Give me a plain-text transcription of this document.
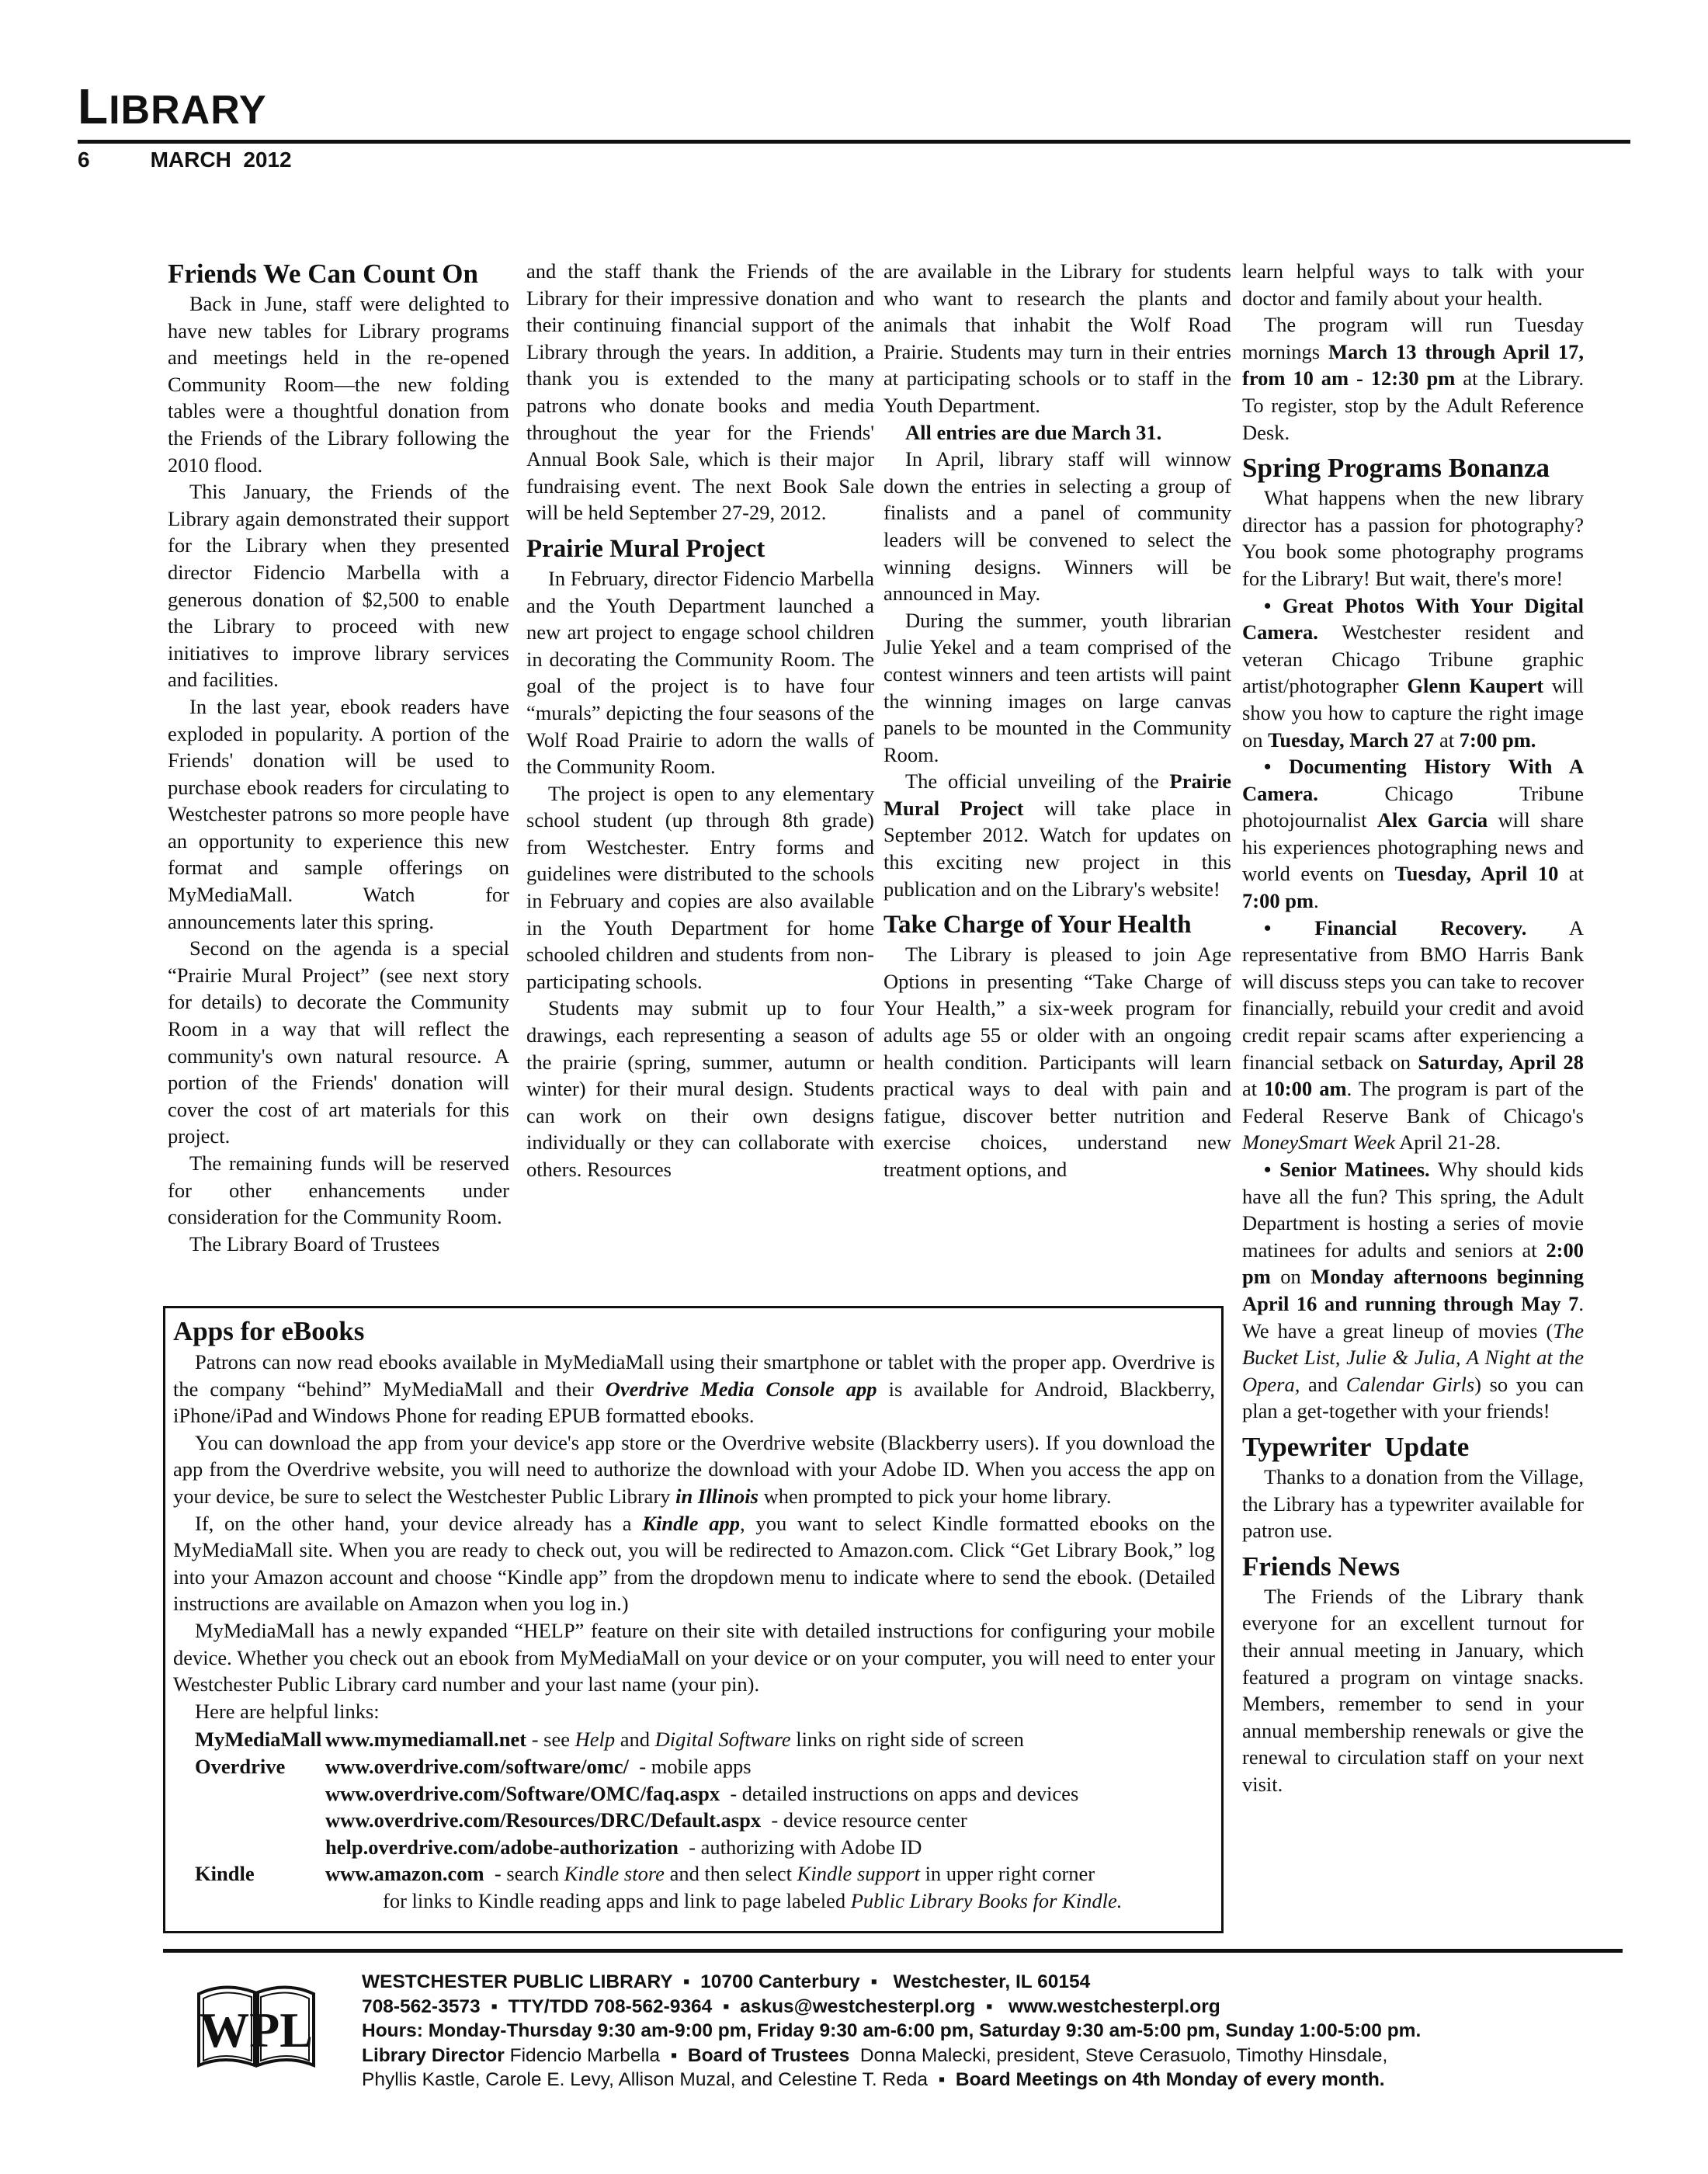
LIBRARY
6	MARCH  2012
Friends We Can Count On

Back in June, staff were delighted to have new tables for Library programs and meetings held in the re-opened Community Room—the new folding tables were a thoughtful donation from the Friends of the Library following the 2010 flood.

This January, the Friends of the Library again demonstrated their support for the Library when they presented director Fidencio Marbella with a generous donation of $2,500 to enable the Library to proceed with new initiatives to improve library services and facilities.

In the last year, ebook readers have exploded in popularity. A portion of the Friends' donation will be used to purchase ebook readers for circulating to Westchester patrons so more people have an opportunity to experience this new format and sample offerings on MyMediaMall. Watch for announcements later this spring.

Second on the agenda is a special “Prairie Mural Project” (see next story for details) to decorate the Community Room in a way that will reflect the community's own natural resource. A portion of the Friends' donation will cover the cost of art materials for this project.

The remaining funds will be reserved for other enhancements under consideration for the Community Room.

The Library Board of Trustees

and the staff thank the Friends of the Library for their impressive donation and their continuing financial support of the Library through the years. In addition, a thank you is extended to the many patrons who donate books and media throughout the year for the Friends' Annual Book Sale, which is their major fundraising event. The next Book Sale will be held September 27-29, 2012.

Prairie Mural Project

In February, director Fidencio Marbella and the Youth Department launched a new art project to engage school children in decorating the Community Room. The goal of the project is to have four “murals” depicting the four seasons of the Wolf Road Prairie to adorn the walls of the Community Room.

The project is open to any elementary school student (up through 8th grade) from Westchester. Entry forms and guidelines were distributed to the schools in February and copies are also available in the Youth Department for home schooled children and students from non-participating schools.

Students may submit up to four drawings, each representing a season of the prairie (spring, summer, autumn or winter) for their mural design. Students can work on their own designs individually or they can collaborate with others. Resources

are available in the Library for students who want to research the plants and animals that inhabit the Wolf Road Prairie. Students may turn in their entries at participating schools or to staff in the Youth Department.

All entries are due March 31.

In April, library staff will winnow down the entries in selecting a group of finalists and a panel of community leaders will be convened to select the winning designs. Winners will be announced in May.

During the summer, youth librarian Julie Yekel and a team comprised of the contest winners and teen artists will paint the winning images on large canvas panels to be mounted in the Community Room.

The official unveiling of the Prairie Mural Project will take place in September 2012. Watch for updates on this exciting new project in this publication and on the Library's website!

Take Charge of Your Health

The Library is pleased to join Age Options in presenting “Take Charge of Your Health,” a six-week program for adults age 55 or older with an ongoing health condition. Participants will learn practical ways to deal with pain and fatigue, discover better nutrition and exercise choices, understand new treatment options, and

learn helpful ways to talk with your doctor and family about your health.

The program will run Tuesday mornings March 13 through April 17, from 10 am - 12:30 pm at the Library. To register, stop by the Adult Reference Desk.

Spring Programs Bonanza

What happens when the new library director has a passion for photography? You book some photography programs for the Library! But wait, there's more!

• Great Photos With Your Digital Camera. Westchester resident and veteran Chicago Tribune graphic artist/photographer Glenn Kaupert will show you how to capture the right image on Tuesday, March 27 at 7:00 pm.

• Documenting History With A Camera. Chicago Tribune photojournalist Alex Garcia will share his experiences photographing news and world events on Tuesday, April 10 at 7:00 pm.

• Financial Recovery. A representative from BMO Harris Bank will discuss steps you can take to recover financially, rebuild your credit and avoid credit repair scams after experiencing a financial setback on Saturday, April 28 at 10:00 am. The program is part of the Federal Reserve Bank of Chicago's MoneySmart Week April 21-28.

• Senior Matinees. Why should kids have all the fun? This spring, the Adult Department is hosting a series of movie matinees for adults and seniors at 2:00 pm on Monday afternoons beginning April 16 and running through May 7. We have a great lineup of movies (The Bucket List, Julie & Julia, A Night at the Opera, and Calendar Girls) so you can plan a get-together with your friends!

Typewriter  Update

Thanks to a donation from the Village, the Library has a typewriter available for patron use.

Friends News

The Friends of the Library thank everyone for an excellent turnout for their annual meeting in January, which featured a program on vintage snacks. Members, remember to send in your annual membership renewals or give the renewal to circulation staff on your next visit.

Apps for eBooks

Patrons can now read ebooks available in MyMediaMall using their smartphone or tablet with the proper app. Overdrive is the company “behind” MyMediaMall and their Overdrive Media Console app is available for Android, Blackberry, iPhone/iPad and Windows Phone for reading EPUB formatted ebooks.

You can download the app from your device's app store or the Overdrive website (Blackberry users). If you download the app from the Overdrive website, you will need to authorize the download with your Adobe ID. When you access the app on your device, be sure to select the Westchester Public Library in Illinois when prompted to pick your home library.

If, on the other hand, your device already has a Kindle app, you want to select Kindle formatted ebooks on the MyMediaMall site. When you are ready to check out, you will be redirected to Amazon.com. Click “Get Library Book,” log into your Amazon account and choose “Kindle app” from the dropdown menu to indicate where to send the ebook. (Detailed instructions are available on Amazon when you log in.)

MyMediaMall has a newly expanded “HELP” feature on their site with detailed instructions for configuring your mobile device. Whether you check out an ebook from MyMediaMall on your device or on your computer, you will need to enter your Westchester Public Library card number and your last name (your pin).

Here are helpful links:

MyMediaMall www.mymediamall.net - see Help and Digital Software links on right side of screen
Overdrive	www.overdrive.com/software/omc/ - mobile apps
www.overdrive.com/Software/OMC/faq.aspx - detailed instructions on apps and devices
www.overdrive.com/Resources/DRC/Default.aspx - device resource center
help.overdrive.com/adobe-authorization - authorizing with Adobe ID
Kindle	www.amazon.com - search Kindle store and then select Kindle support in upper right corner
for links to Kindle reading apps and link to page labeled Public Library Books for Kindle.
WPL
WESTCHESTER PUBLIC LIBRARY  ▪  10700 Canterbury  ▪   Westchester, IL 60154
708-562-3573  ▪  TTY/TDD 708-562-9364  ▪  askus@westchesterpl.org  ▪   www.westchesterpl.org
Hours: Monday-Thursday 9:30 am-9:00 pm, Friday 9:30 am-6:00 pm, Saturday 9:30 am-5:00 pm, Sunday 1:00-5:00 pm.
Library Director Fidencio Marbella  ▪  Board of Trustees  Donna Malecki, president, Steve Cerasuolo, Timothy Hinsdale,
Phyllis Kastle, Carole E. Levy, Allison Muzal, and Celestine T. Reda  ▪  Board Meetings on 4th Monday of every month.
